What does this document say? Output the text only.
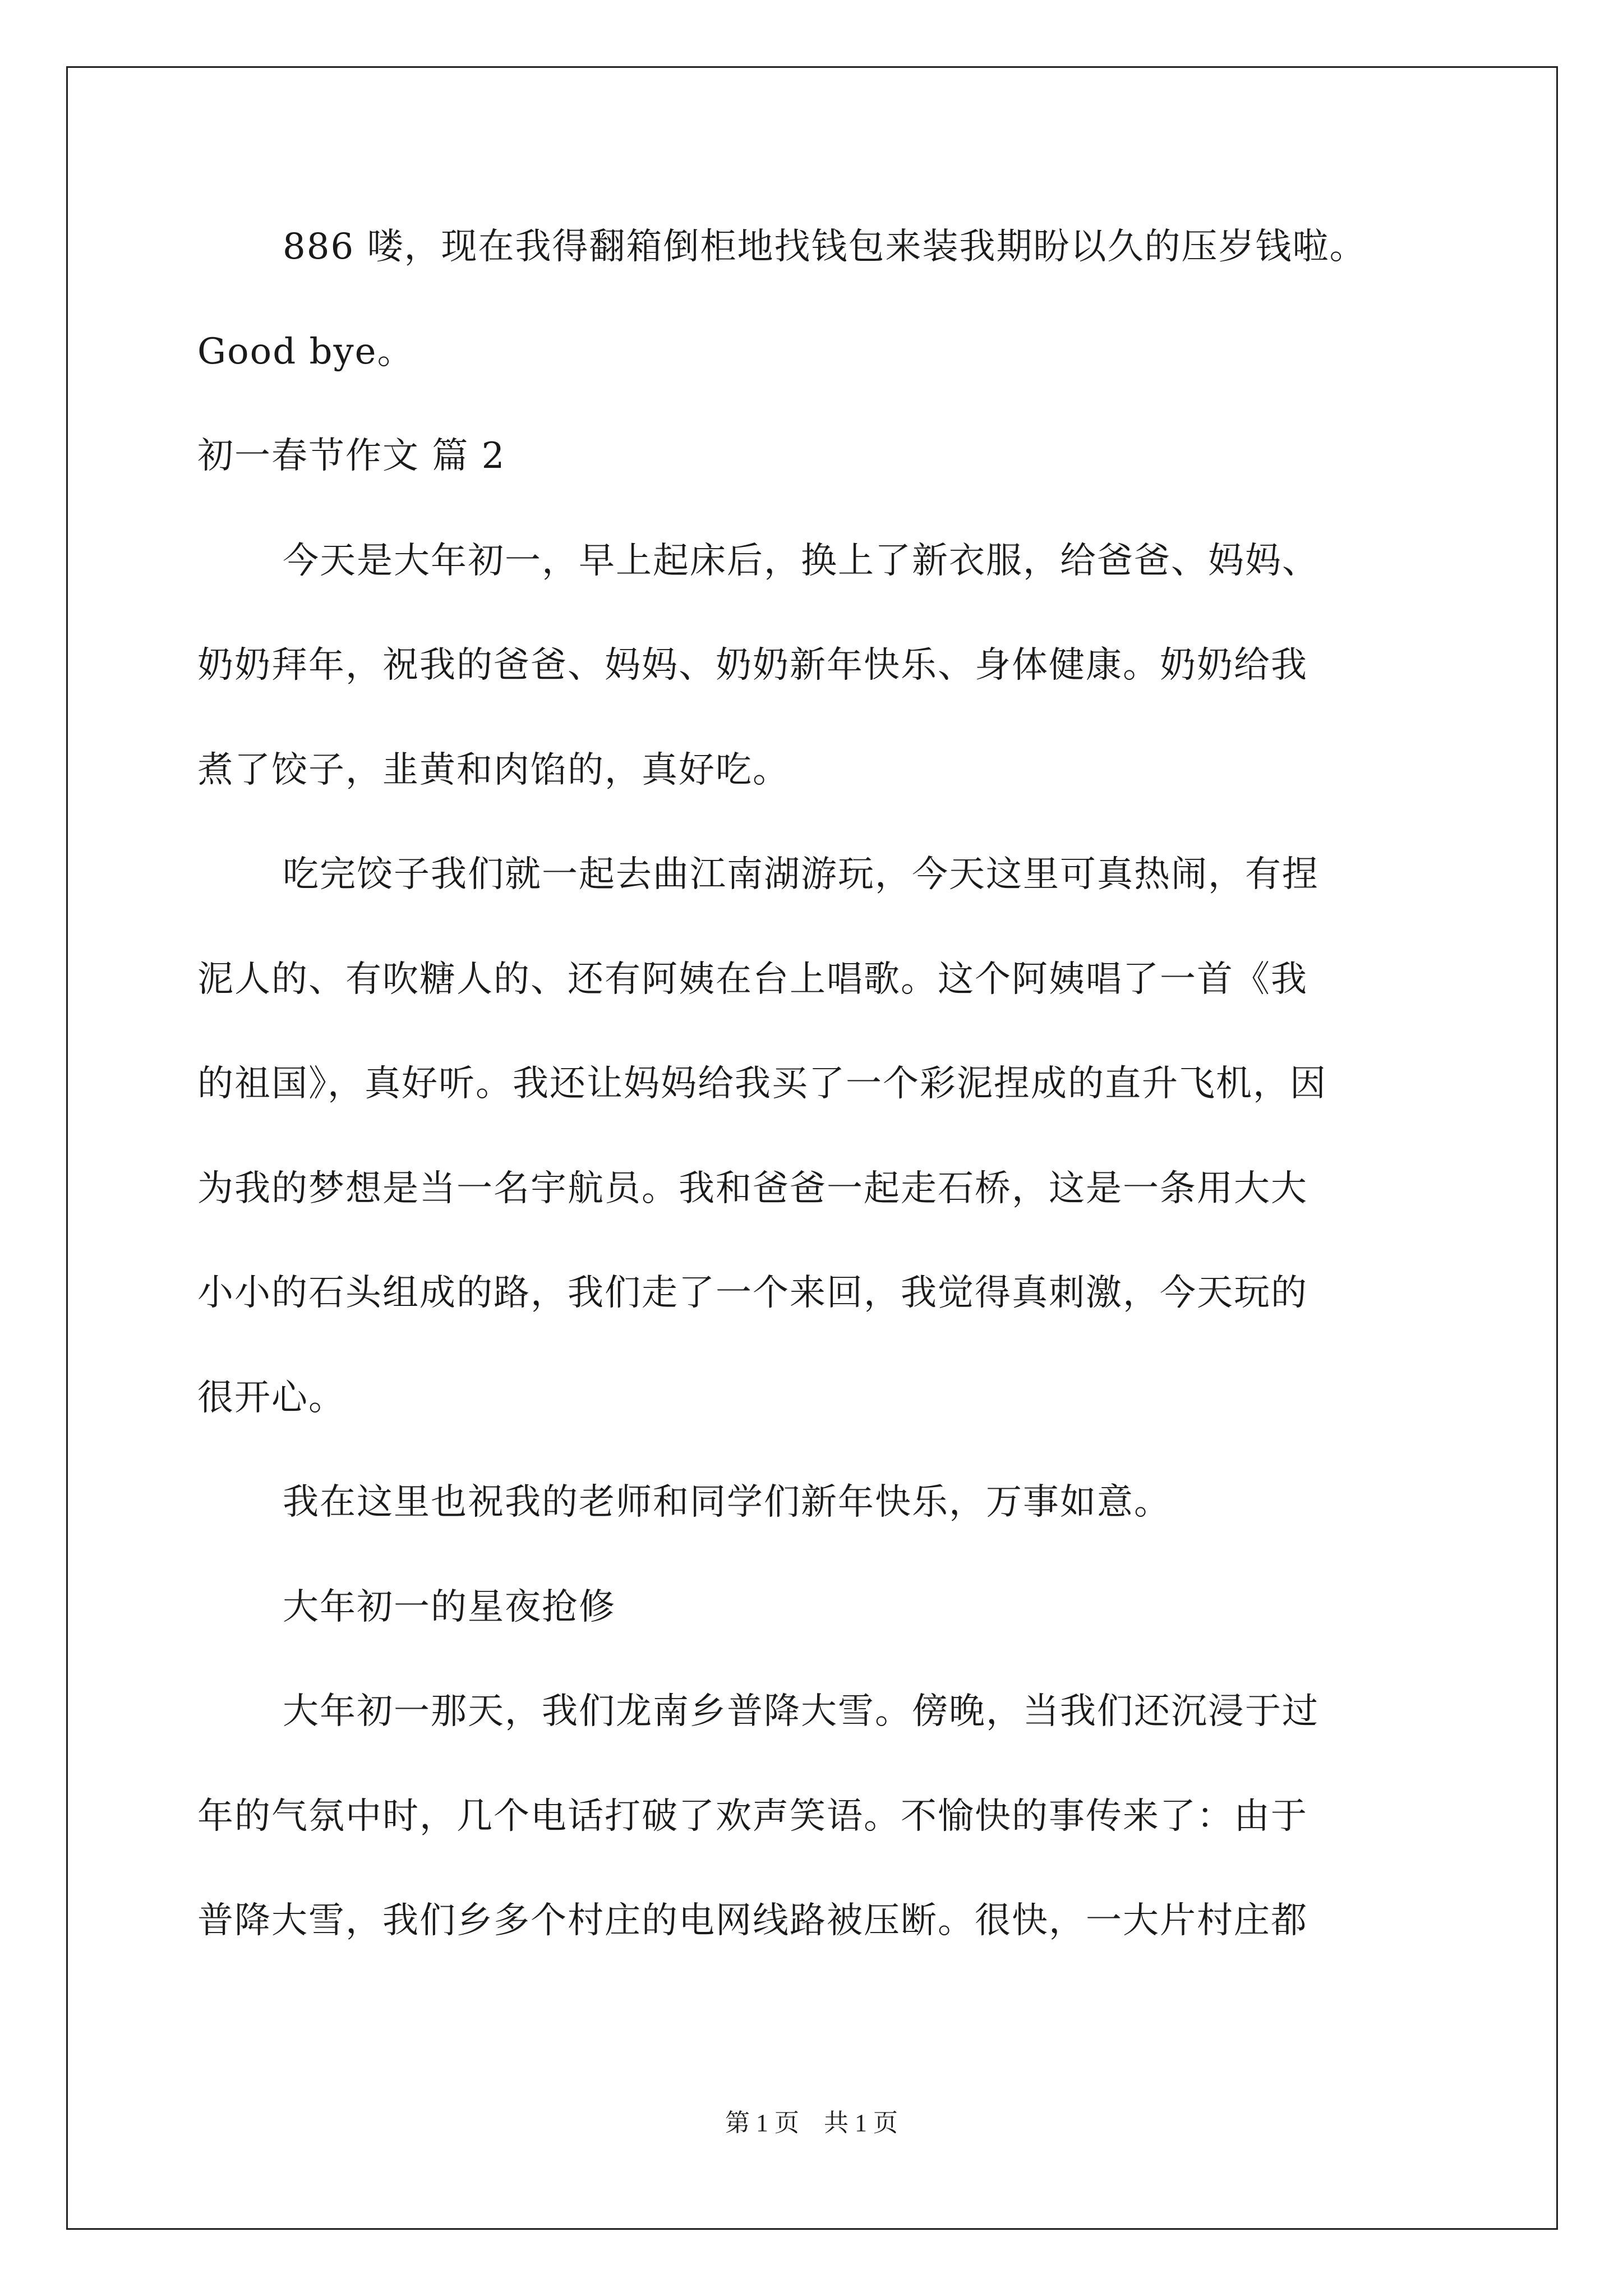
886 喽，现在我得翻箱倒柜地找钱包来装我期盼以久的压岁钱啦。
Good bye。
初一春节作文 篇 2
今天是大年初一，早上起床后，换上了新衣服，给爸爸、妈妈、
奶奶拜年，祝我的爸爸、妈妈、奶奶新年快乐、身体健康。奶奶给我
煮了饺子，韭黄和肉馅的，真好吃。
吃完饺子我们就一起去曲江南湖游玩，今天这里可真热闹，有捏
泥人的、有吹糖人的、还有阿姨在台上唱歌。这个阿姨唱了一首《我
的祖国》，真好听。我还让妈妈给我买了一个彩泥捏成的直升飞机，因
为我的梦想是当一名宇航员。我和爸爸一起走石桥，这是一条用大大
小小的石头组成的路，我们走了一个来回，我觉得真刺激，今天玩的
很开心。
我在这里也祝我的老师和同学们新年快乐，万事如意。
大年初一的星夜抢修
大年初一那天，我们龙南乡普降大雪。傍晚，当我们还沉浸于过
年的气氛中时，几个电话打破了欢声笑语。不愉快的事传来了：由于
普降大雪，我们乡多个村庄的电网线路被压断。很快，一大片村庄都
第 1 页　共 1 页
